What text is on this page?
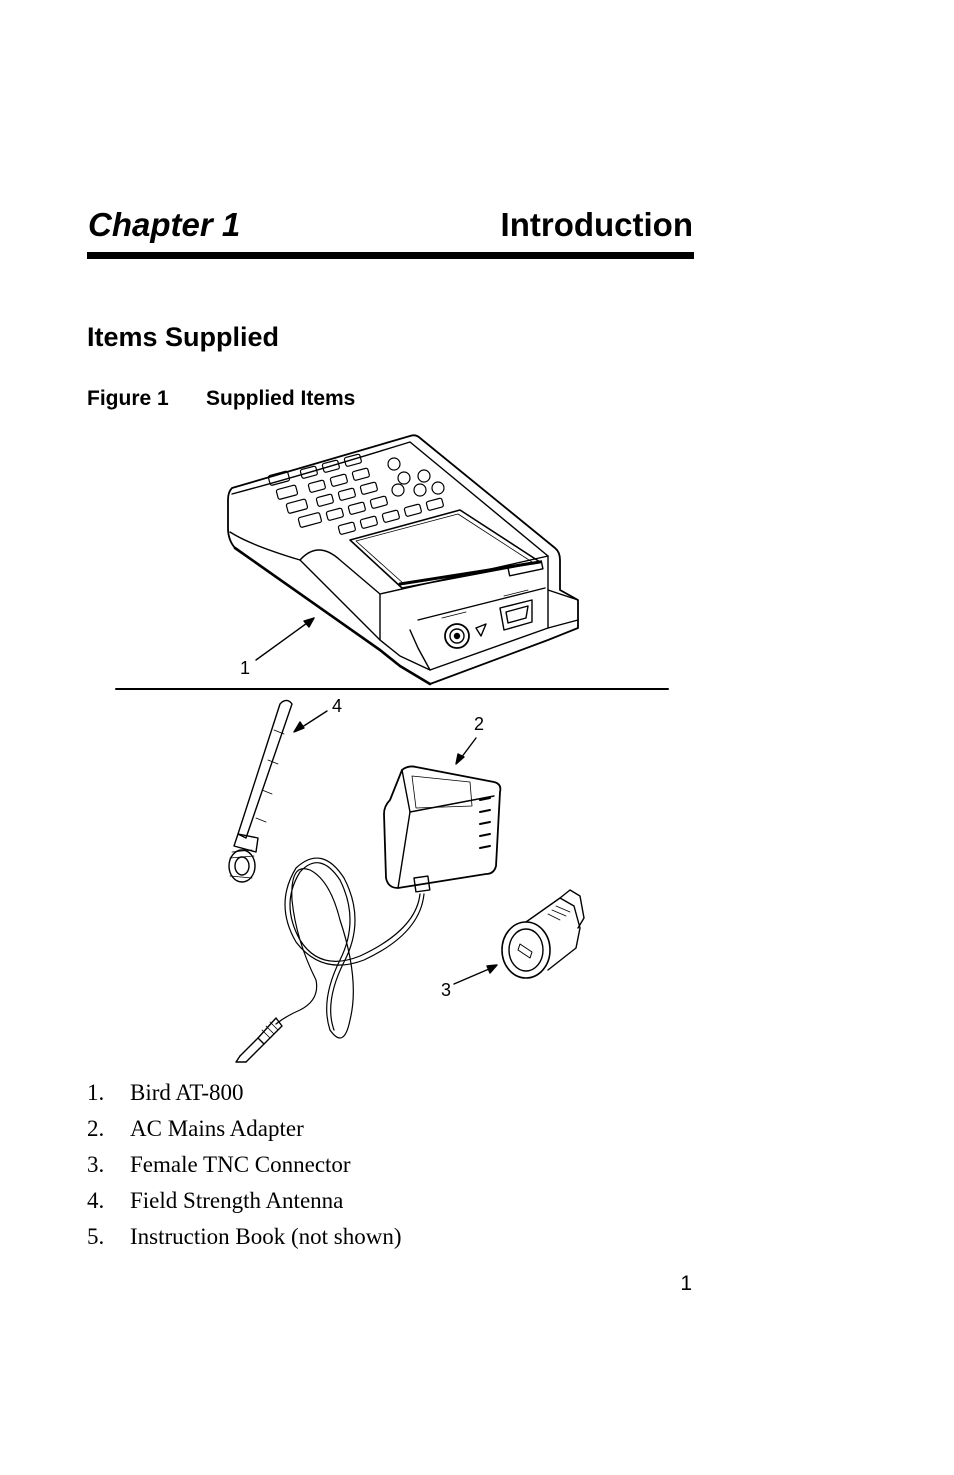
Chapter 1	Introduction
Items Supplied
Figure 1 Supplied Items
1
4
2
3
1. Bird AT-800
2. AC Mains Adapter
3. Female TNC Connector
4. Field Strength Antenna
5. Instruction Book (not shown)
1
